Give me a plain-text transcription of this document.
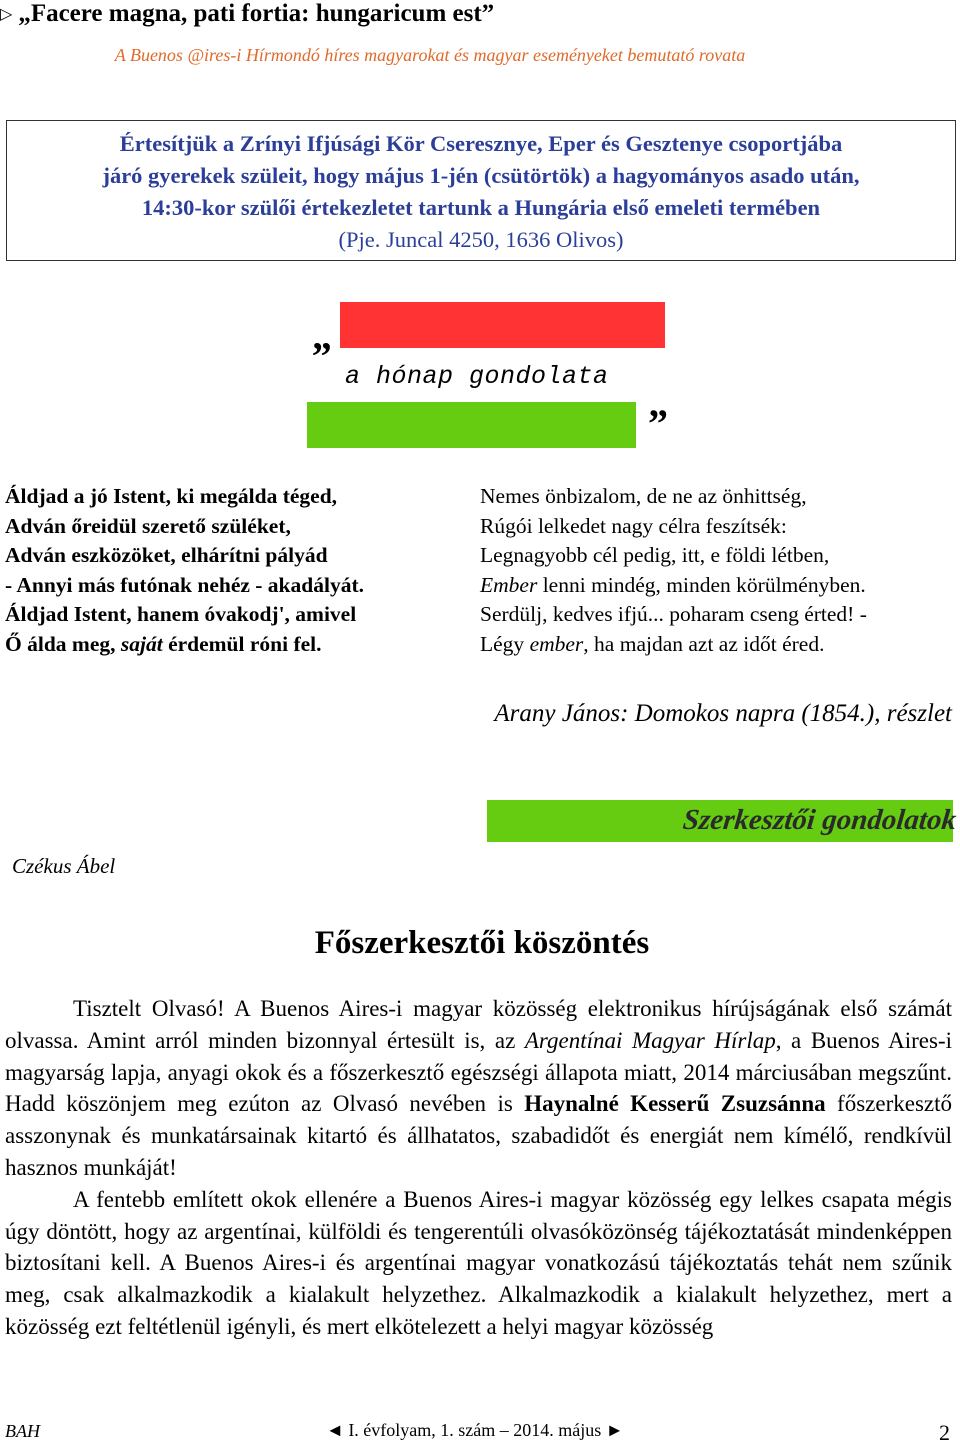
▷ „Facere magna, pati fortia: hungaricum est”
A Buenos @ires-i Hírmondó híres magyarokat és magyar eseményeket bemutató rovata
Értesítjük a Zrínyi Ifjúsági Kör Cseresznye, Eper és Gesztenye csoportjába
járó gyerekek szüleit, hogy május 1-jén (csütörtök) a hagyományos asado után,
14:30-kor szülői értekezletet tartunk a Hungária első emeleti termében
(Pje. Juncal 4250, 1636 Olivos)
„
a hónap gondolata
”
Áldjad a jó Istent, ki megálda téged,
Adván őreidül szerető szüléket,
Adván eszközöket, elhárítni pályád
- Annyi más futónak nehéz - akadályát.
Áldjad Istent, hanem óvakodj', amivel
Ő álda meg, saját érdemül róni fel.
Nemes önbizalom, de ne az önhittség,
Rúgói lelkedet nagy célra feszítsék:
Legnagyobb cél pedig, itt, e földi létben,
Ember lenni mindég, minden körülményben.
Serdülj, kedves ifjú... poharam cseng érted! -
Légy ember, ha majdan azt az időt éred.
Arany János: Domokos napra (1854.), részlet
Szerkesztői gondolatok
Czékus Ábel
Főszerkesztői köszöntés

Tisztelt Olvasó! A Buenos Aires-i magyar közösség elektronikus hírújságának első számát olvassa. Amint arról minden bizonnyal értesült is, az Argentínai Magyar Hírlap, a Buenos Aires-i magyarság lapja, anyagi okok és a főszerkesztő egészségi állapota miatt, 2014 márciusában megszűnt. Hadd köszönjem meg ezúton az Olvasó nevében is Haynalné Kesserű Zsuzsánna főszerkesztő asszonynak és munkatársainak kitartó és állhatatos, szabadidőt és energiát nem kímélő, rendkívül hasznos munkáját!

A fentebb említett okok ellenére a Buenos Aires-i magyar közösség egy lelkes csapata mégis úgy döntött, hogy az argentínai, külföldi és tengerentúli olvasóközönség tájékoztatását mindenképpen biztosítani kell. A Buenos Aires-i és argentínai magyar vonatkozású tájékoztatás tehát nem szűnik meg, csak alkalmazkodik a kialakult helyzethez. Alkalmazkodik a kialakult helyzethez, mert a közösség ezt feltétlenül igényli, és mert elkötelezett a helyi magyar közösség

BAH	◄ I. évfolyam, 1. szám – 2014. május ►	2
